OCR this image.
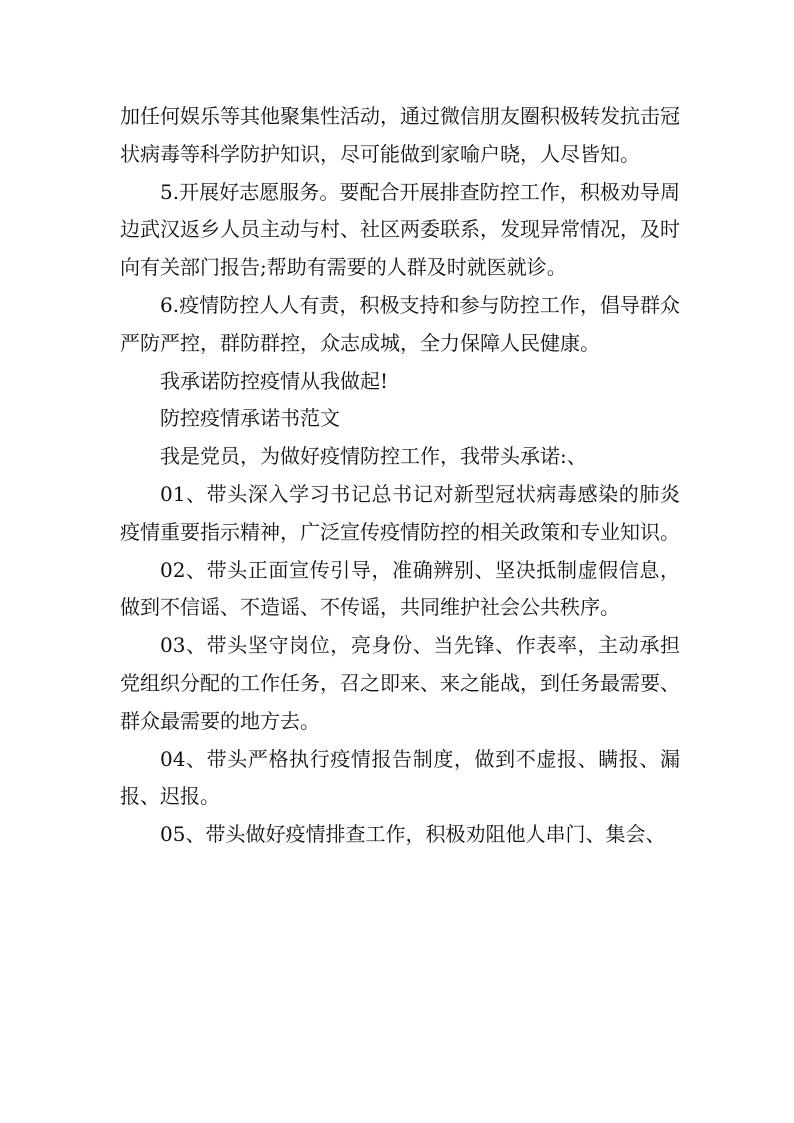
加任何娱乐等其他聚集性活动，通过微信朋友圈积极转发抗击冠状病毒等科学防护知识，尽可能做到家喻户晓，人尽皆知。

5.开展好志愿服务。要配合开展排查防控工作，积极劝导周边武汉返乡人员主动与村、社区两委联系，发现异常情况，及时向有关部门报告;帮助有需要的人群及时就医就诊。

6.疫情防控人人有责，积极支持和参与防控工作，倡导群众严防严控，群防群控，众志成城，全力保障人民健康。

我承诺防控疫情从我做起!

防控疫情承诺书范文

我是党员，为做好疫情防控工作，我带头承诺:、

01、带头深入学习书记总书记对新型冠状病毒感染的肺炎疫情重要指示精神，广泛宣传疫情防控的相关政策和专业知识。

02、带头正面宣传引导，准确辨别、坚决抵制虚假信息，做到不信谣、不造谣、不传谣，共同维护社会公共秩序。

03、带头坚守岗位，亮身份、当先锋、作表率，主动承担党组织分配的工作任务，召之即来、来之能战，到任务最需要、群众最需要的地方去。

04、带头严格执行疫情报告制度，做到不虚报、瞒报、漏报、迟报。

05、带头做好疫情排查工作，积极劝阻他人串门、集会、
